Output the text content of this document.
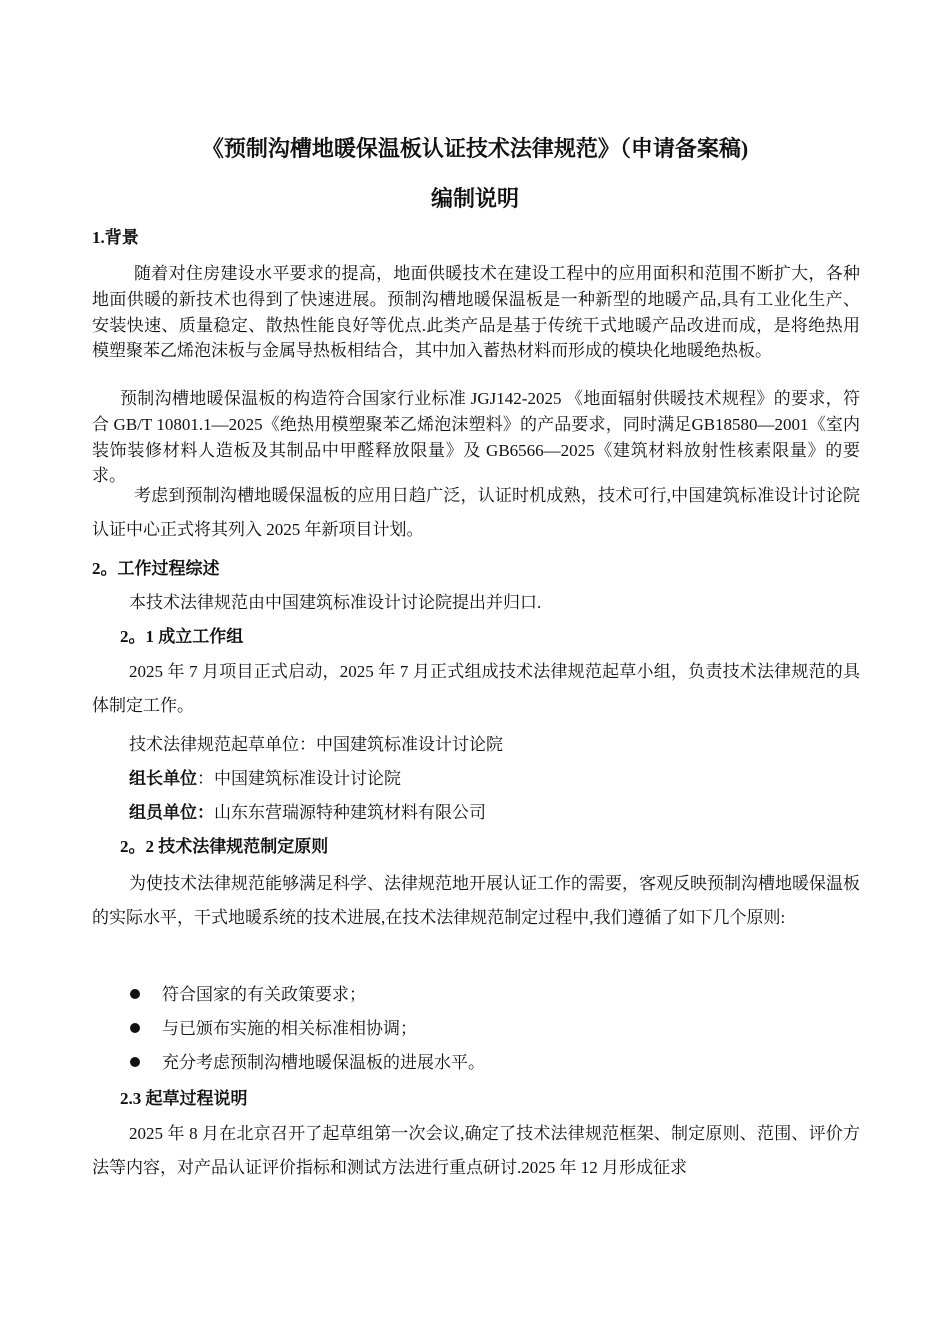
《预制沟槽地暖保温板认证技术法律规范》（申请备案稿)
编制说明
1.背景

随着对住房建设水平要求的提高，地面供暖技术在建设工程中的应用面积和范围不断扩大，各种地面供暖的新技术也得到了快速进展。预制沟槽地暖保温板是一种新型的地暖产品,具有工业化生产、安装快速、质量稳定、散热性能良好等优点.此类产品是基于传统干式地暖产品改进而成，是将绝热用模塑聚苯乙烯泡沫板与金属导热板相结合，其中加入蓄热材料而形成的模块化地暖绝热板。

预制沟槽地暖保温板的构造符合国家行业标准 JGJ142-2025 《地面辐射供暖技术规程》的要求，符合 GB/T 10801.1—2025《绝热用模塑聚苯乙烯泡沫塑料》的产品要求，同时满足GB18580—2001《室内装饰装修材料人造板及其制品中甲醛释放限量》及 GB6566—2025《建筑材料放射性核素限量》的要求。

考虑到预制沟槽地暖保温板的应用日趋广泛，认证时机成熟，技术可行,中国建筑标准设计讨论院认证中心正式将其列入 2025 年新项目计划。

2。工作过程综述

本技术法律规范由中国建筑标准设计讨论院提出并归口.

2。1 成立工作组

2025 年 7 月项目正式启动，2025 年 7 月正式组成技术法律规范起草小组，负责技术法律规范的具体制定工作。

技术法律规范起草单位：中国建筑标准设计讨论院

组长单位：中国建筑标准设计讨论院

组员单位：山东东营瑞源特种建筑材料有限公司

2。2 技术法律规范制定原则

为使技术法律规范能够满足科学、法律规范地开展认证工作的需要，客观反映预制沟槽地暖保温板的实际水平，干式地暖系统的技术进展,在技术法律规范制定过程中,我们遵循了如下几个原则:

符合国家的有关政策要求；

与已颁布实施的相关标准相协调；

充分考虑预制沟槽地暖保温板的进展水平。

2.3 起草过程说明

2025 年 8 月在北京召开了起草组第一次会议,确定了技术法律规范框架、制定原则、范围、评价方法等内容，对产品认证评价指标和测试方法进行重点研讨.2025 年 12 月形成征求
